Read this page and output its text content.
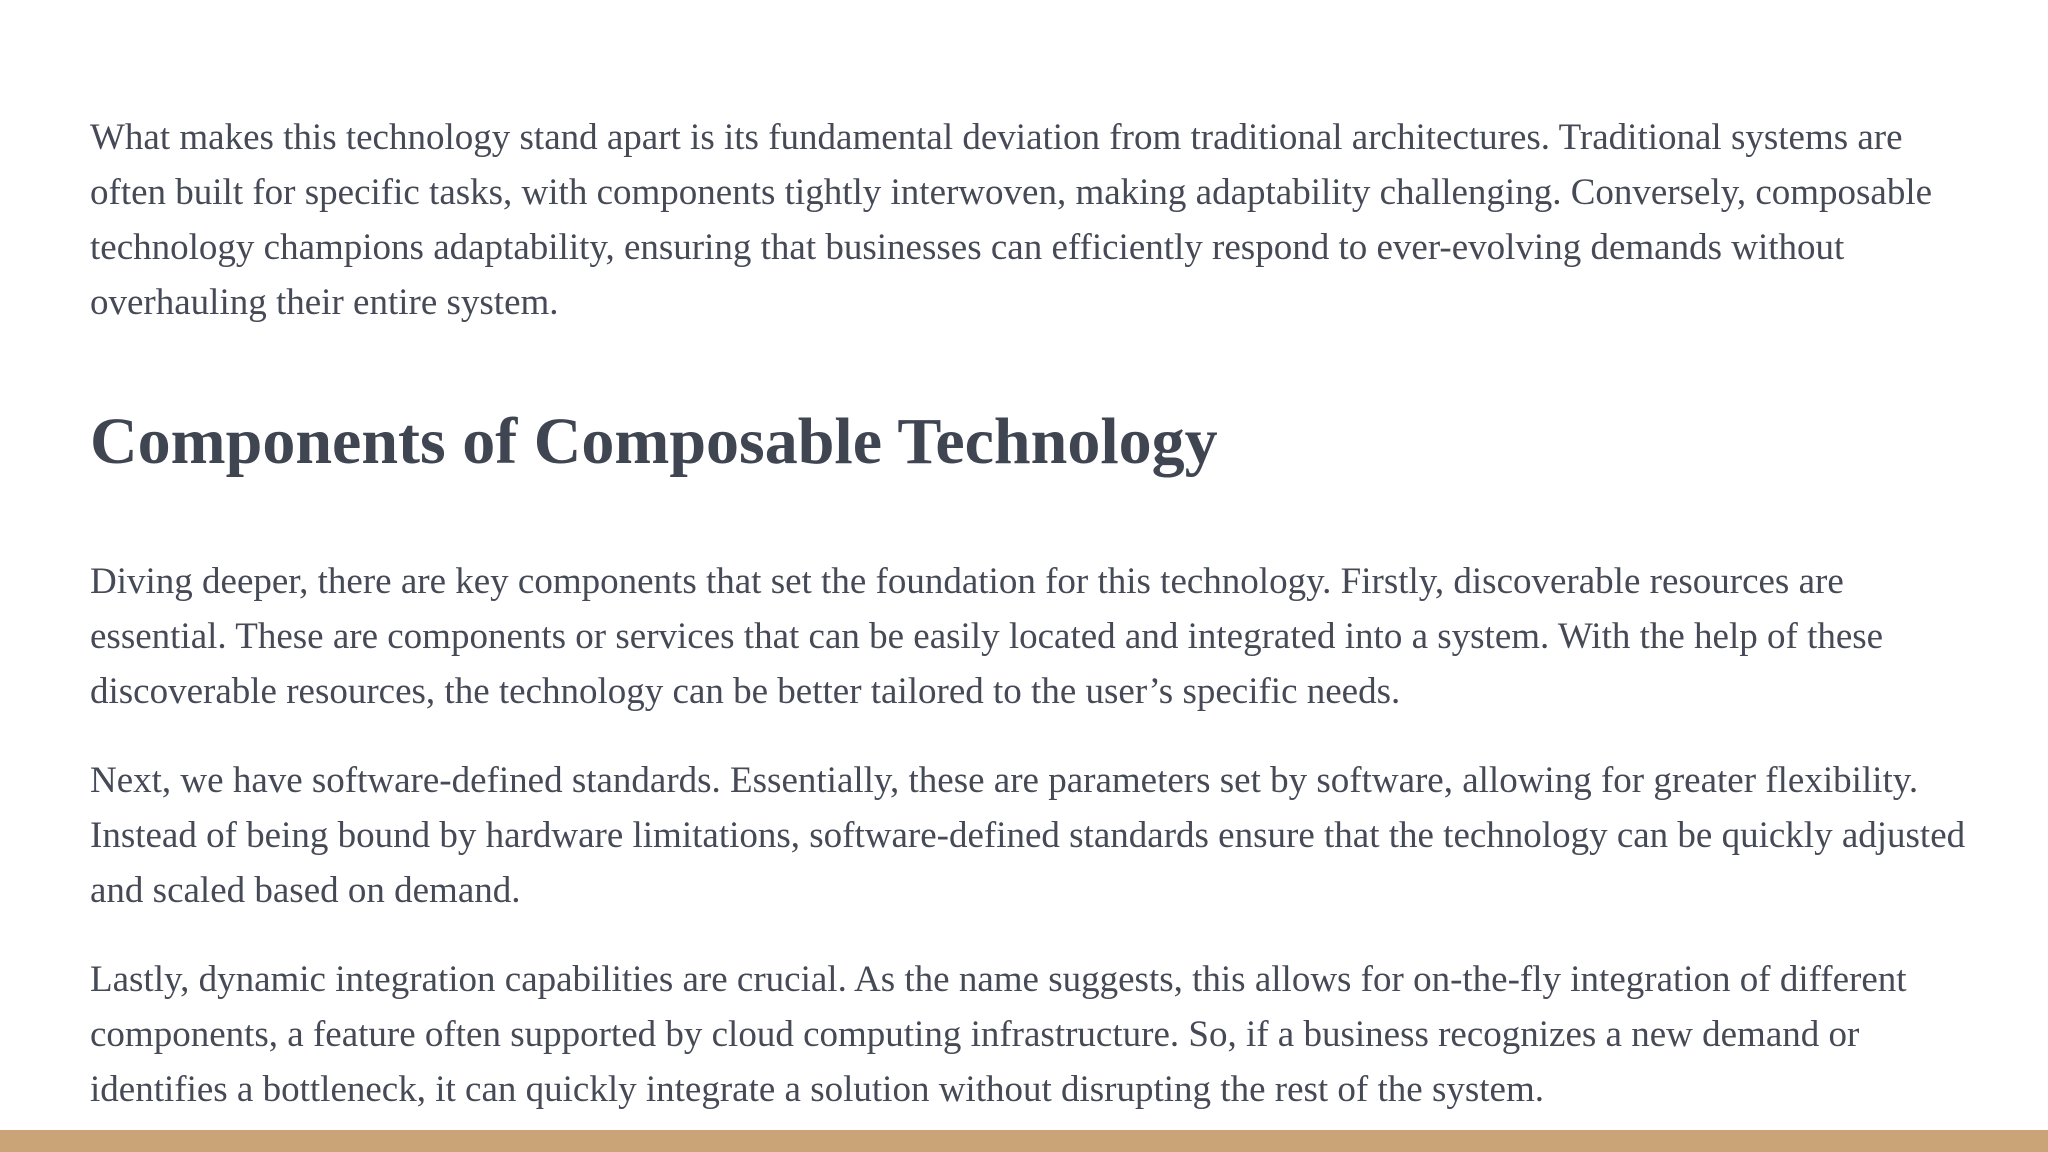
What makes this technology stand apart is its fundamental deviation from traditional architectures. Traditional systems are often built for specific tasks, with components tightly interwoven, making adaptability challenging. Conversely, composable technology champions adaptability, ensuring that businesses can efficiently respond to ever-evolving demands without overhauling their entire system.

Components of Composable Technology

Diving deeper, there are key components that set the foundation for this technology. Firstly, discoverable resources are essential. These are components or services that can be easily located and integrated into a system. With the help of these discoverable resources, the technology can be better tailored to the user’s specific needs.

Next, we have software-defined standards. Essentially, these are parameters set by software, allowing for greater flexibility. Instead of being bound by hardware limitations, software-defined standards ensure that the technology can be quickly adjusted and scaled based on demand.

Lastly, dynamic integration capabilities are crucial. As the name suggests, this allows for on-the-fly integration of different components, a feature often supported by cloud computing infrastructure. So, if a business recognizes a new demand or identifies a bottleneck, it can quickly integrate a solution without disrupting the rest of the system.
